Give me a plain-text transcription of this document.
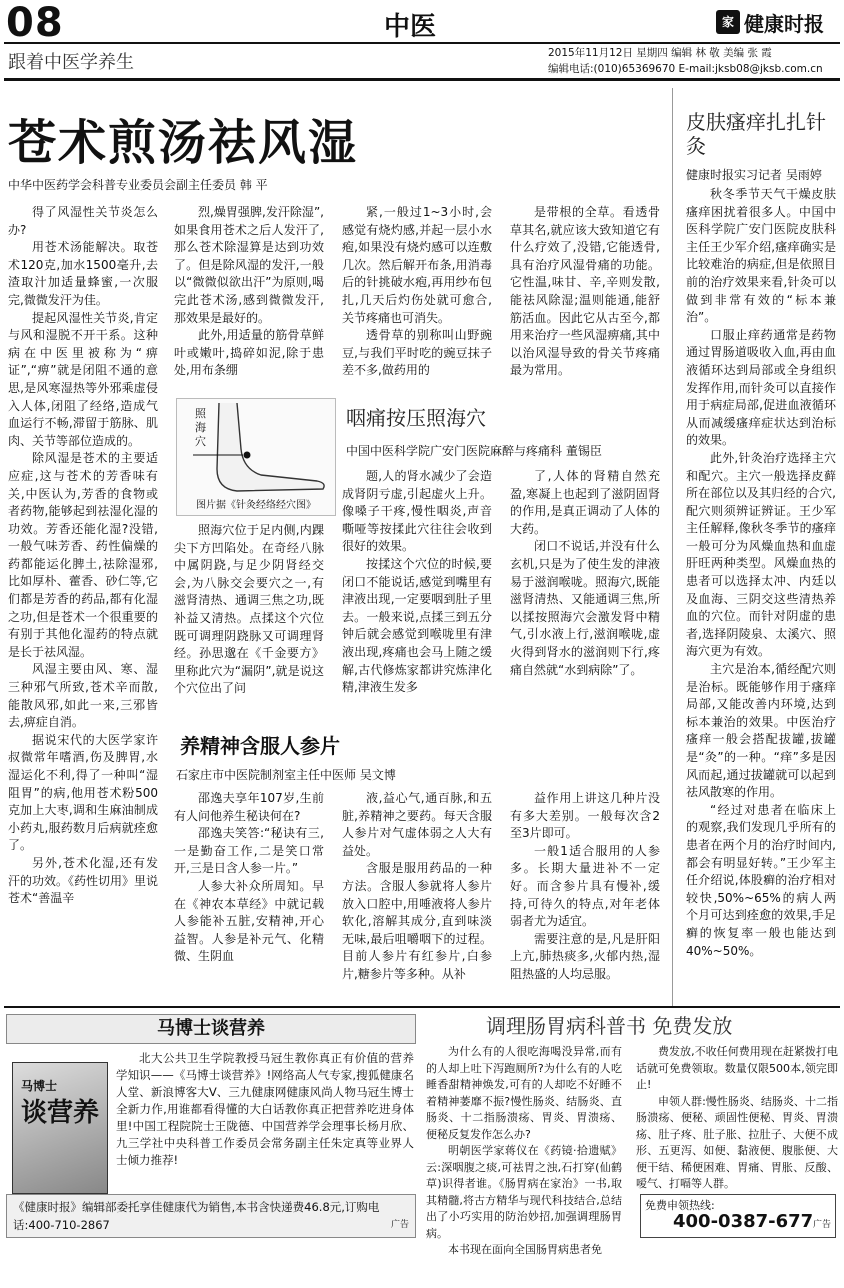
08	中医	家 健康时报
跟着中医学养生	2015年11月12日 星期四 编辑 林 敬 美编 张 霞
编辑电话:(010)65369670 E-mail:jksb08@jksb.com.cn
苍术煎汤祛风湿
中华中医药学会科普专业委员会副主任委员 韩 平

得了风湿性关节炎怎么办?

用苍术汤能解决。取苍术120克,加水1500毫升,去渣取汁加适量蜂蜜,一次服完,微微发汗为佳。

提起风湿性关节炎,肯定与风和湿脱不开干系。这种病在中医里被称为“痹证”,“痹”就是闭阻不通的意思,是风寒湿热等外邪乘虚侵入人体,闭阻了经络,造成气血运行不畅,滞留于筋脉、肌肉、关节等部位造成的。

除风湿是苍术的主要适应症,这与苍术的芳香味有关,中医认为,芳香的食物或者药物,能够起到祛湿化湿的功效。芳香还能化湿?没错,一般气味芳香、药性偏燥的药都能运化脾土,祛除湿邪,比如厚朴、藿香、砂仁等,它们都是芳香的药品,都有化湿之功,但是苍术一个很重要的有别于其他化湿药的特点就是长于祛风湿。

风湿主要由风、寒、湿三种邪气所致,苍术辛而散,能散风邪,如此一来,三邪皆去,痹症自消。

据说宋代的大医学家许叔微常年嗜酒,伤及脾胃,水湿运化不利,得了一种叫“湿阻胃”的病,他用苍术粉500克加上大枣,调和生麻油制成小药丸,服药数月后病就痊愈了。

另外,苍术化湿,还有发汗的功效。《药性切用》里说苍术“善温辛

烈,燥胃强脾,发汗除湿”,如果食用苍术之后人发汗了,那么苍术除湿算是达到功效了。但是除风湿的发汗,一般以“微微似欲出汗”为原则,喝完此苍术汤,感到微微发汗,那效果是最好的。

此外,用适量的筋骨草鲜叶或嫩叶,捣碎如泥,除于患处,用布条绷

紧,一般过1~3小时,会感觉有烧灼感,并起一层小水疱,如果没有烧灼感可以连敷几次。然后解开布条,用消毒后的针挑破水疱,再用纱布包扎,几天后灼伤处就可愈合,关节疼痛也可消失。

透骨草的别称叫山野豌豆,与我们平时吃的豌豆抹子差不多,做药用的

是带根的全草。看透骨草其名,就应该大致知道它有什么疗效了,没错,它能透骨,具有治疗风湿骨痛的功能。它性温,味甘、辛,辛则发散,能祛风除湿;温则能通,能舒筋活血。因此它从古至今,都用来治疗一些风湿痹痛,其中以治风湿导致的骨关节疼痛最为常用。

咽痛按压照海穴
中国中医科学院广安门医院麻醉与疼痛科 董锡臣
照海穴
图片据《针灸经络经穴图》

照海穴位于足内侧,内踝尖下方凹陷处。在奇经八脉中属阴跷,与足少阴肾经交会,为八脉交会要穴之一,有滋肾清热、通调三焦之功,既补益又清热。点揉这个穴位既可调理阴跷脉又可调理肾经。孙思邈在《千金要方》里称此穴为“漏阴”,就是说这个穴位出了问

题,人的肾水减少了会造成肾阴亏虚,引起虚火上升。像嗓子干疼,慢性咽炎,声音嘶哑等按揉此穴往往会收到很好的效果。

按揉这个穴位的时候,要闭口不能说话,感觉到嘴里有津液出现,一定要咽到肚子里去。一般来说,点揉三到五分钟后就会感觉到喉咙里有津液出现,疼痛也会马上随之缓解,古代修炼家都讲究炼津化精,津液生发多

了,人体的肾精自然充盈,寒凝上也起到了滋阴固肾的作用,是真正调动了人体的大药。

闭口不说话,并没有什么玄机,只是为了使生发的津液易于滋润喉咙。照海穴,既能滋肾清热、又能通调三焦,所以揉按照海穴会激发肾中精气,引水液上行,滋润喉咙,虚火得到肾水的滋润则下行,疼痛自然就“水到病除”了。

养精神含服人参片
石家庄市中医院制剂室主任中医师 吴文博

邵逸夫享年107岁,生前有人问他养生秘诀何在?

邵逸夫笑答:“秘诀有三,一是勤奋工作,二是笑口常开,三是日含人参一片。”

人参大补众所周知。早在《神农本草经》中就记载人参能补五脏,安精神,开心益智。人参是补元气、化精微、生阴血

液,益心气,通百脉,和五脏,养精神之要药。每天含服人参片对气虚体弱之人大有益处。

含服是服用药品的一种方法。含服人参就将人参片放入口腔中,用唾液将人参片软化,溶解其成分,直到味淡无味,最后咀嚼咽下的过程。目前人参片有红参片,白参片,糖参片等多种。从补

益作用上讲这几种片没有多大差别。一般每次含2至3片即可。

一般1适合服用的人参多。长期大量进补不一定好。而含参片具有慢补,缓持,可待久的特点,对年老体弱者尤为适宜。

需要注意的是,凡是肝阳上亢,肺热痰多,火郁内热,湿阻热盛的人均忌服。

皮肤瘙痒扎扎针灸
健康时报实习记者 吴雨婷

秋冬季节天气干燥皮肤瘙痒困扰着很多人。中国中医科学院广安门医院皮肤科主任王少军介绍,瘙痒确实是比较难治的病症,但是依照目前的治疗效果来看,针灸可以做到非常有效的“标本兼治”。

口服止痒药通常是药物通过胃肠道吸收入血,再由血液循环达到局部或全身组织发挥作用,而针灸可以直接作用于病症局部,促进血液循环从而减缓瘙痒症状达到治标的效果。

此外,针灸治疗选择主穴和配穴。主穴一般选择皮藓所在部位以及其归经的合穴,配穴则须辨证辨证。王少军主任解释,像秋冬季节的瘙痒一般可分为风燥血热和血虚肝旺两种类型。风燥血热的患者可以选择太冲、内廷以及血海、三阴交这些清热养血的穴位。而针对阴虚的患者,选择阴陵泉、太溪穴、照海穴更为有效。

主穴是治本,循经配穴则是治标。既能够作用于瘙痒局部,又能改善内环境,达到标本兼治的效果。中医治疗瘙痒一般会搭配拔罐,拔罐是“灸”的一种。“痒”多是因风而起,通过拔罐就可以起到祛风散寒的作用。

“经过对患者在临床上的观察,我们发现几乎所有的患者在两个月的治疗时间内,都会有明显好转。”王少军主任介绍说,体股癣的治疗相对较快,50%~65%的病人两个月可达到痊愈的效果,手足癣的恢复率一般也能达到40%~50%。

马博士谈营养
马博士
谈营养

北大公共卫生学院教授马冠生教你真正有价值的营养学知识——《马博士谈营养》!网络高人气专家,搜狐健康名人堂、新浪博客大V、三九健康网健康风尚人物马冠生博士全新力作,用谁都看得懂的大白话教你真正把营养吃进身体里!中国工程院院士王陇德、中国营养学会理事长杨月欣、九三学社中央科普工作委员会常务副主任朱定真等业界人士倾力推荐!

《健康时报》编辑部委托享佳健康代为销售,本书含快递费46.8元,订购电话:400-710-2867	广告
调理肠胃病科普书 免费发放

为什么有的人很吃海喝没异常,而有的人却上吐下泻跑厕所?为什么有的人吃睡香甜精神焕发,可有的人却吃不好睡不着精神萎靡不振?慢性肠炎、结肠炎、直肠炎、十二指肠溃疡、胃炎、胃溃疡、便秘反复发作怎么办?

明朝医学家蒋仪在《药镜·拾遗赋》云:深咽腹之痰,可祛胃之浊,石打穿(仙鹤草)识得者谁。《肠胃病在家治》一书,取其精髓,将古方精华与现代科技结合,总结出了小巧实用的防治妙招,加强调理肠胃病。

本书现在面向全国肠胃病患者免

费发放,不收任何费用现在赶紧拨打电话就可免费领取。数量仅限500本,领完即止!

申领人群:慢性肠炎、结肠炎、十二指肠溃疡、便秘、顽固性便秘、胃炎、胃溃疡、肚子疼、肚子胀、拉肚子、大便不成形、五更泻、如便、黏液便、腹胀便、大便干结、稀便困难、胃痛、胃胀、反酸、嗳气、打嗝等人群。

免费申领热线:
400-0387-677 广告
